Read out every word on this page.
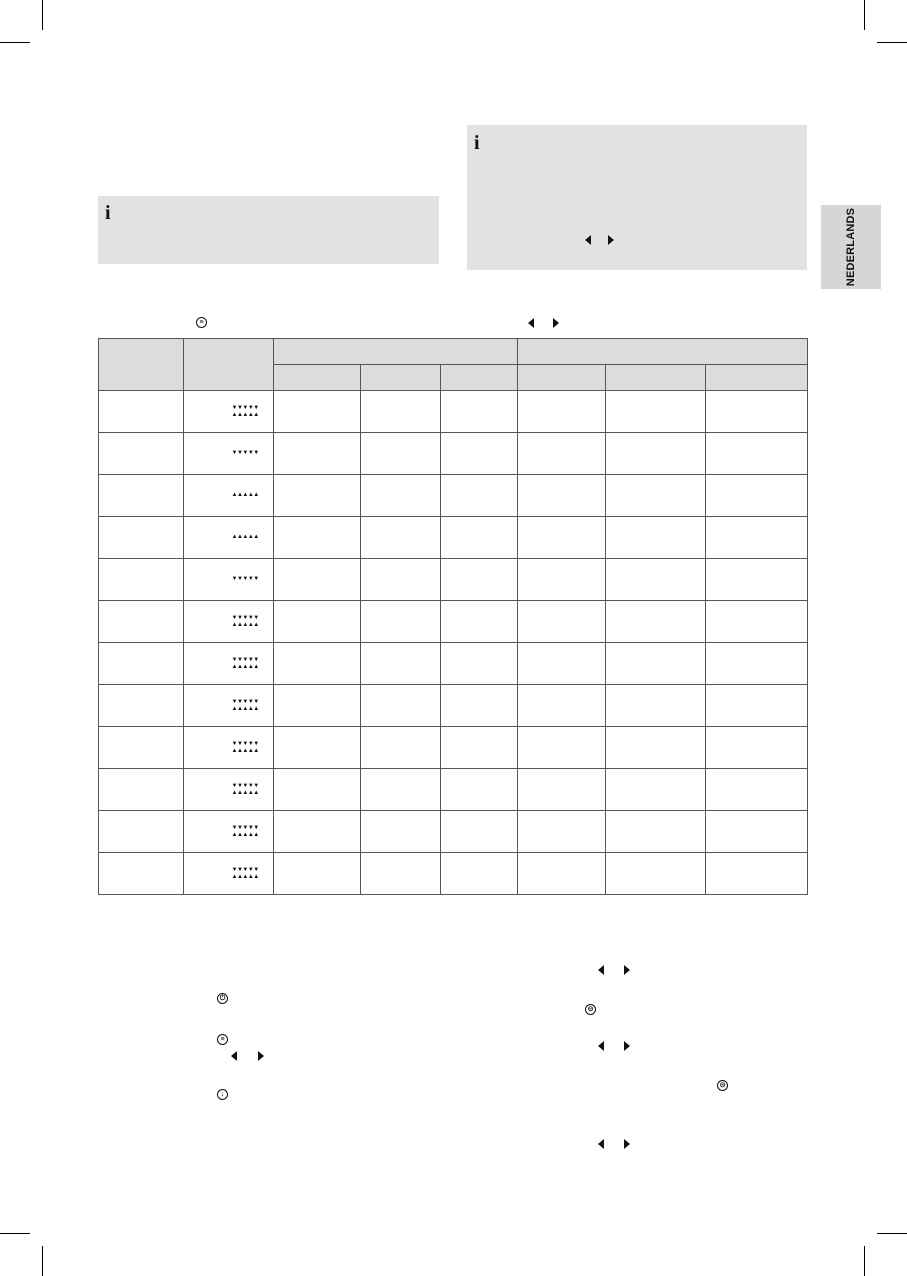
NEDERLANDS
i
i
≡

	▼▼▼▼▼
▲▲▲▲▲						

	▼▼▼▼▼						

	▲▲▲▲▲						

	▲▲▲▲▲						

	▼▼▼▼▼						

	▼▼▼▼▼
▲▲▲▲▲						

	▼▼▼▼▼
▲▲▲▲▲						

	▼▼▼▼▼
▲▲▲▲▲						

	▼▼▼▼▼
▲▲▲▲▲						

	▼▼▼▼▼
▲▲▲▲▲						

	▼▼▼▼▼
▲▲▲▲▲						

	▼▼▼▼▼
▲▲▲▲▲						

⏻
≡
↓
⊝
⊝
